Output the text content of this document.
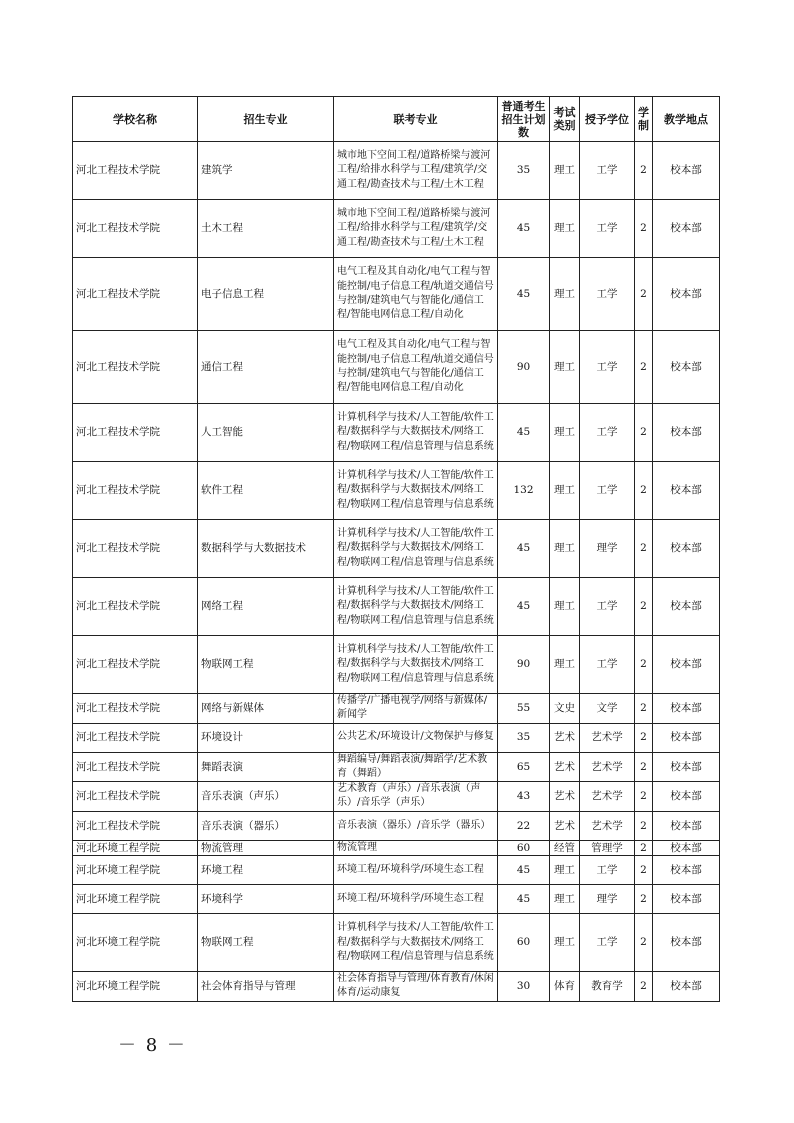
学校名称	招生专业	联考专业	普通考生招生计划数	考试类别	授予学位	学制	教学地点
河北工程技术学院	建筑学	城市地下空间工程/道路桥梁与渡河工程/给排水科学与工程/建筑学/交通工程/勘查技术与工程/土木工程	35	理工	工学	2	校本部
河北工程技术学院	土木工程	城市地下空间工程/道路桥梁与渡河工程/给排水科学与工程/建筑学/交通工程/勘查技术与工程/土木工程	45	理工	工学	2	校本部
河北工程技术学院	电子信息工程	电气工程及其自动化/电气工程与智能控制/电子信息工程/轨道交通信号与控制/建筑电气与智能化/通信工程/智能电网信息工程/自动化	45	理工	工学	2	校本部
河北工程技术学院	通信工程	电气工程及其自动化/电气工程与智能控制/电子信息工程/轨道交通信号与控制/建筑电气与智能化/通信工程/智能电网信息工程/自动化	90	理工	工学	2	校本部
河北工程技术学院	人工智能	计算机科学与技术/人工智能/软件工程/数据科学与大数据技术/网络工程/物联网工程/信息管理与信息系统	45	理工	工学	2	校本部
河北工程技术学院	软件工程	计算机科学与技术/人工智能/软件工程/数据科学与大数据技术/网络工程/物联网工程/信息管理与信息系统	132	理工	工学	2	校本部
河北工程技术学院	数据科学与大数据技术	计算机科学与技术/人工智能/软件工程/数据科学与大数据技术/网络工程/物联网工程/信息管理与信息系统	45	理工	理学	2	校本部
河北工程技术学院	网络工程	计算机科学与技术/人工智能/软件工程/数据科学与大数据技术/网络工程/物联网工程/信息管理与信息系统	45	理工	工学	2	校本部
河北工程技术学院	物联网工程	计算机科学与技术/人工智能/软件工程/数据科学与大数据技术/网络工程/物联网工程/信息管理与信息系统	90	理工	工学	2	校本部
河北工程技术学院	网络与新媒体	传播学/广播电视学/网络与新媒体/新闻学	55	文史	文学	2	校本部
河北工程技术学院	环境设计	公共艺术/环境设计/文物保护与修复	35	艺术	艺术学	2	校本部
河北工程技术学院	舞蹈表演	舞蹈编导/舞蹈表演/舞蹈学/艺术教育（舞蹈）	65	艺术	艺术学	2	校本部
河北工程技术学院	音乐表演（声乐）	艺术教育（声乐）/音乐表演（声乐）/音乐学（声乐）	43	艺术	艺术学	2	校本部
河北工程技术学院	音乐表演（器乐）	音乐表演（器乐）/音乐学（器乐）	22	艺术	艺术学	2	校本部
河北环境工程学院	物流管理	物流管理	60	经管	管理学	2	校本部
河北环境工程学院	环境工程	环境工程/环境科学/环境生态工程	45	理工	工学	2	校本部
河北环境工程学院	环境科学	环境工程/环境科学/环境生态工程	45	理工	理学	2	校本部
河北环境工程学院	物联网工程	计算机科学与技术/人工智能/软件工程/数据科学与大数据技术/网络工程/物联网工程/信息管理与信息系统	60	理工	工学	2	校本部
河北环境工程学院	社会体育指导与管理	社会体育指导与管理/体育教育/休闲体育/运动康复	30	体育	教育学	2	校本部
－ 8 －
